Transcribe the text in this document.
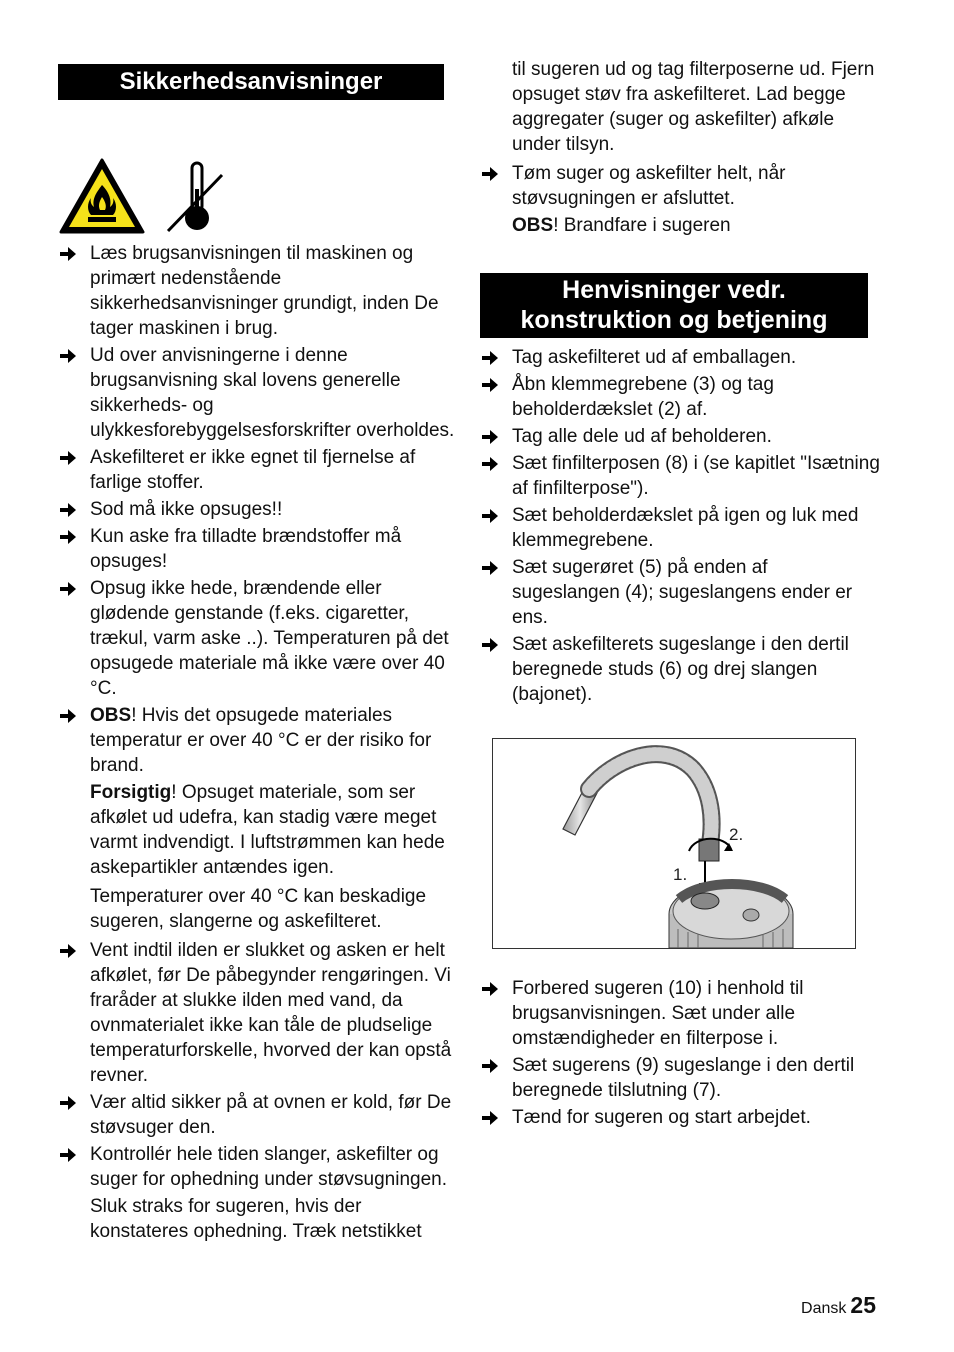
Sikkerhedsanvisninger
Læs brugsanvisningen til maskinen og primært nedenstående sikkerhedsanvisninger grundigt, inden De tager maskinen i brug.
Ud over anvisningerne i denne brugsanvisning skal lovens generelle sikkerheds- og ulykkesforebyggelsesforskrifter overholdes.
Askefilteret er ikke egnet til fjernelse af farlige stoffer.
Sod må ikke opsuges!!
Kun aske fra tilladte brændstoffer må opsuges!
Opsug ikke hede, brændende eller glødende genstande (f.eks. cigaretter, trækul, varm aske ..). Temperaturen på det opsugede materiale må ikke være over 40 °C.
OBS! Hvis det opsugede materiales temperatur er over 40 °C er der risiko for brand.

Forsigtig! Opsuget materiale, som ser afkølet ud udefra, kan stadig være meget varmt indvendigt. I luftstrømmen kan hede askepartikler antændes igen.

Temperaturer over 40 °C kan beskadige sugeren, slangerne og askefilteret.

Vent indtil ilden er slukket og asken er helt afkølet, før De påbegynder rengøringen. Vi fraråder at slukke ilden med vand, da ovnmaterialet ikke kan tåle de pludselige temperaturforskelle, hvorved der kan opstå revner.
Vær altid sikker på at ovnen er kold, før De støvsuger den.
Kontrollér hele tiden slanger, askefilter og suger for ophedning under støvsugningen.

Sluk straks for sugeren, hvis der konstateres ophedning. Træk netstikket

til sugeren ud og tag filterposerne ud. Fjern opsuget støv fra askefilteret. Lad begge aggregater (suger og askefilter) afkøle under tilsyn.

Tøm suger og askefilter helt, når støvsugningen er afsluttet.

OBS! Brandfare i sugeren

Henvisninger vedr. konstruktion og betjening
Tag askefilteret ud af emballagen.
Åbn klemmegrebene (3) og tag beholderdækslet (2) af.
Tag alle dele ud af beholderen.
Sæt finfilterposen (8) i (se kapitlet "Isætning af finfilterpose").
Sæt beholderdækslet på igen og luk med klemmegrebene.
Sæt sugerøret (5) på enden af sugeslangen (4); sugeslangens ender er ens.
Sæt askefilterets sugeslange i den dertil beregnede studs (6) og drej slangen (bajonet).
1.
2.
Forbered sugeren (10) i henhold til brugsanvisningen. Sæt under alle omstændigheder en filterpose i.
Sæt sugerens (9) sugeslange i den dertil beregnede tilslutning (7).
Tænd for sugeren og start arbejdet.
Dansk 25
